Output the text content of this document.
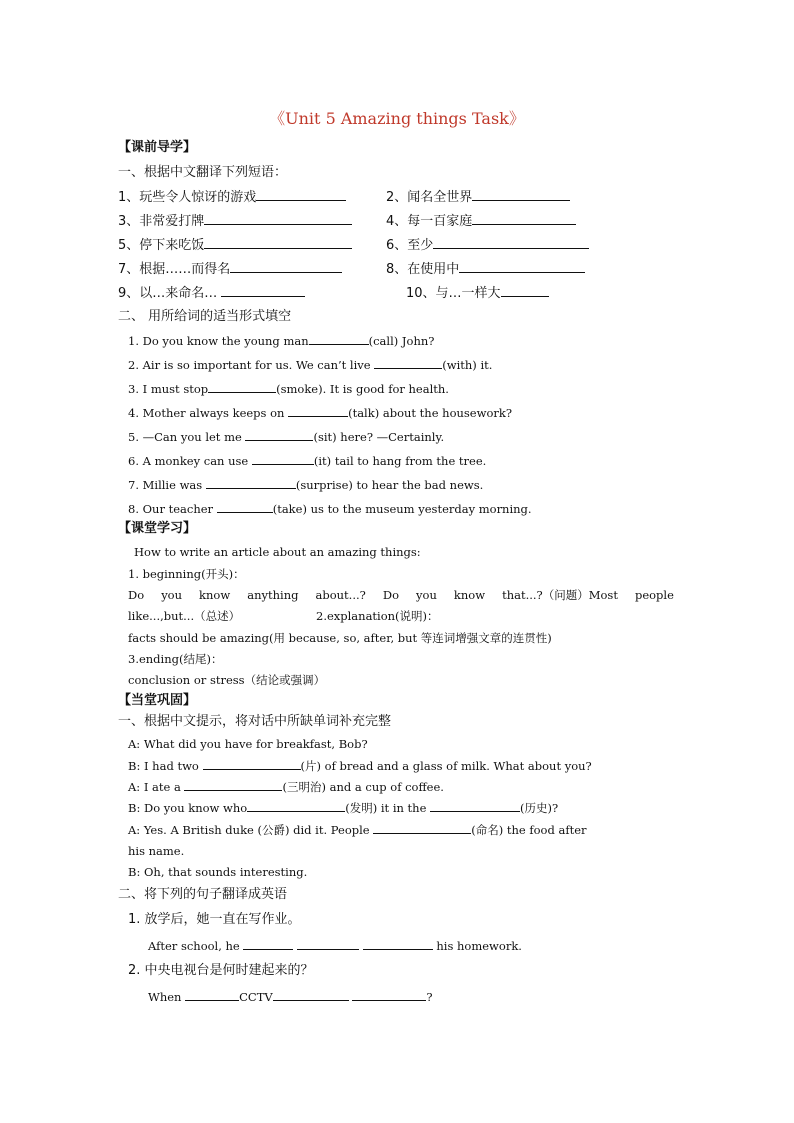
《Unit 5 Amazing things Task》
【课前导学】
一、根据中文翻译下列短语：
1、玩些令人惊讶的游戏	2、闻名全世界
3、非常爱打牌	4、每一百家庭
5、停下来吃饭	6、至少
7、根据……而得名	8、在使用中
9、以…来命名…	10、与…一样大
二、 用所给词的适当形式填空
1. Do you know the young man	(call) John?
2. Air is so important for us. We can’t live	(with) it.
3. I must stop	(smoke). It is good for health.
4. Mother always keeps on	(talk) about the housework?
5. —Can you let me	(sit) here? —Certainly.
6. A monkey can use	(it) tail to hang from the tree.
7. Millie was	(surprise) to hear the bad news.
8. Our teacher	(take) us to the museum yesterday morning.
【课堂学习】
How to write an article about an amazing things:
1. beginning(开头)：
Do you know anything about...? Do you know that...?（问题）Most people
like...,but...（总述）	2.explanation(说明)：
facts should be amazing(用 because, so, after, but 等连词增强文章的连贯性)
3.ending(结尾)：
conclusion or stress（结论或强调）
【当堂巩固】
一、根据中文提示，将对话中所缺单词补充完整
A: What did you have for breakfast, Bob?
B: I had two	(片) of bread and a glass of milk. What about you?
A: I ate a	(三明治) and a cup of coffee.
B: Do you know who	(发明) it in the	(历史)?
A: Yes. A British duke (公爵) did it. People	(命名) the food after
his name.
B: Oh, that sounds interesting.
二、将下列的句子翻译成英语
1. 放学后，她一直在写作业。
After school, he	his homework.
2. 中央电视台是何时建起来的？
When	CCTV	?
